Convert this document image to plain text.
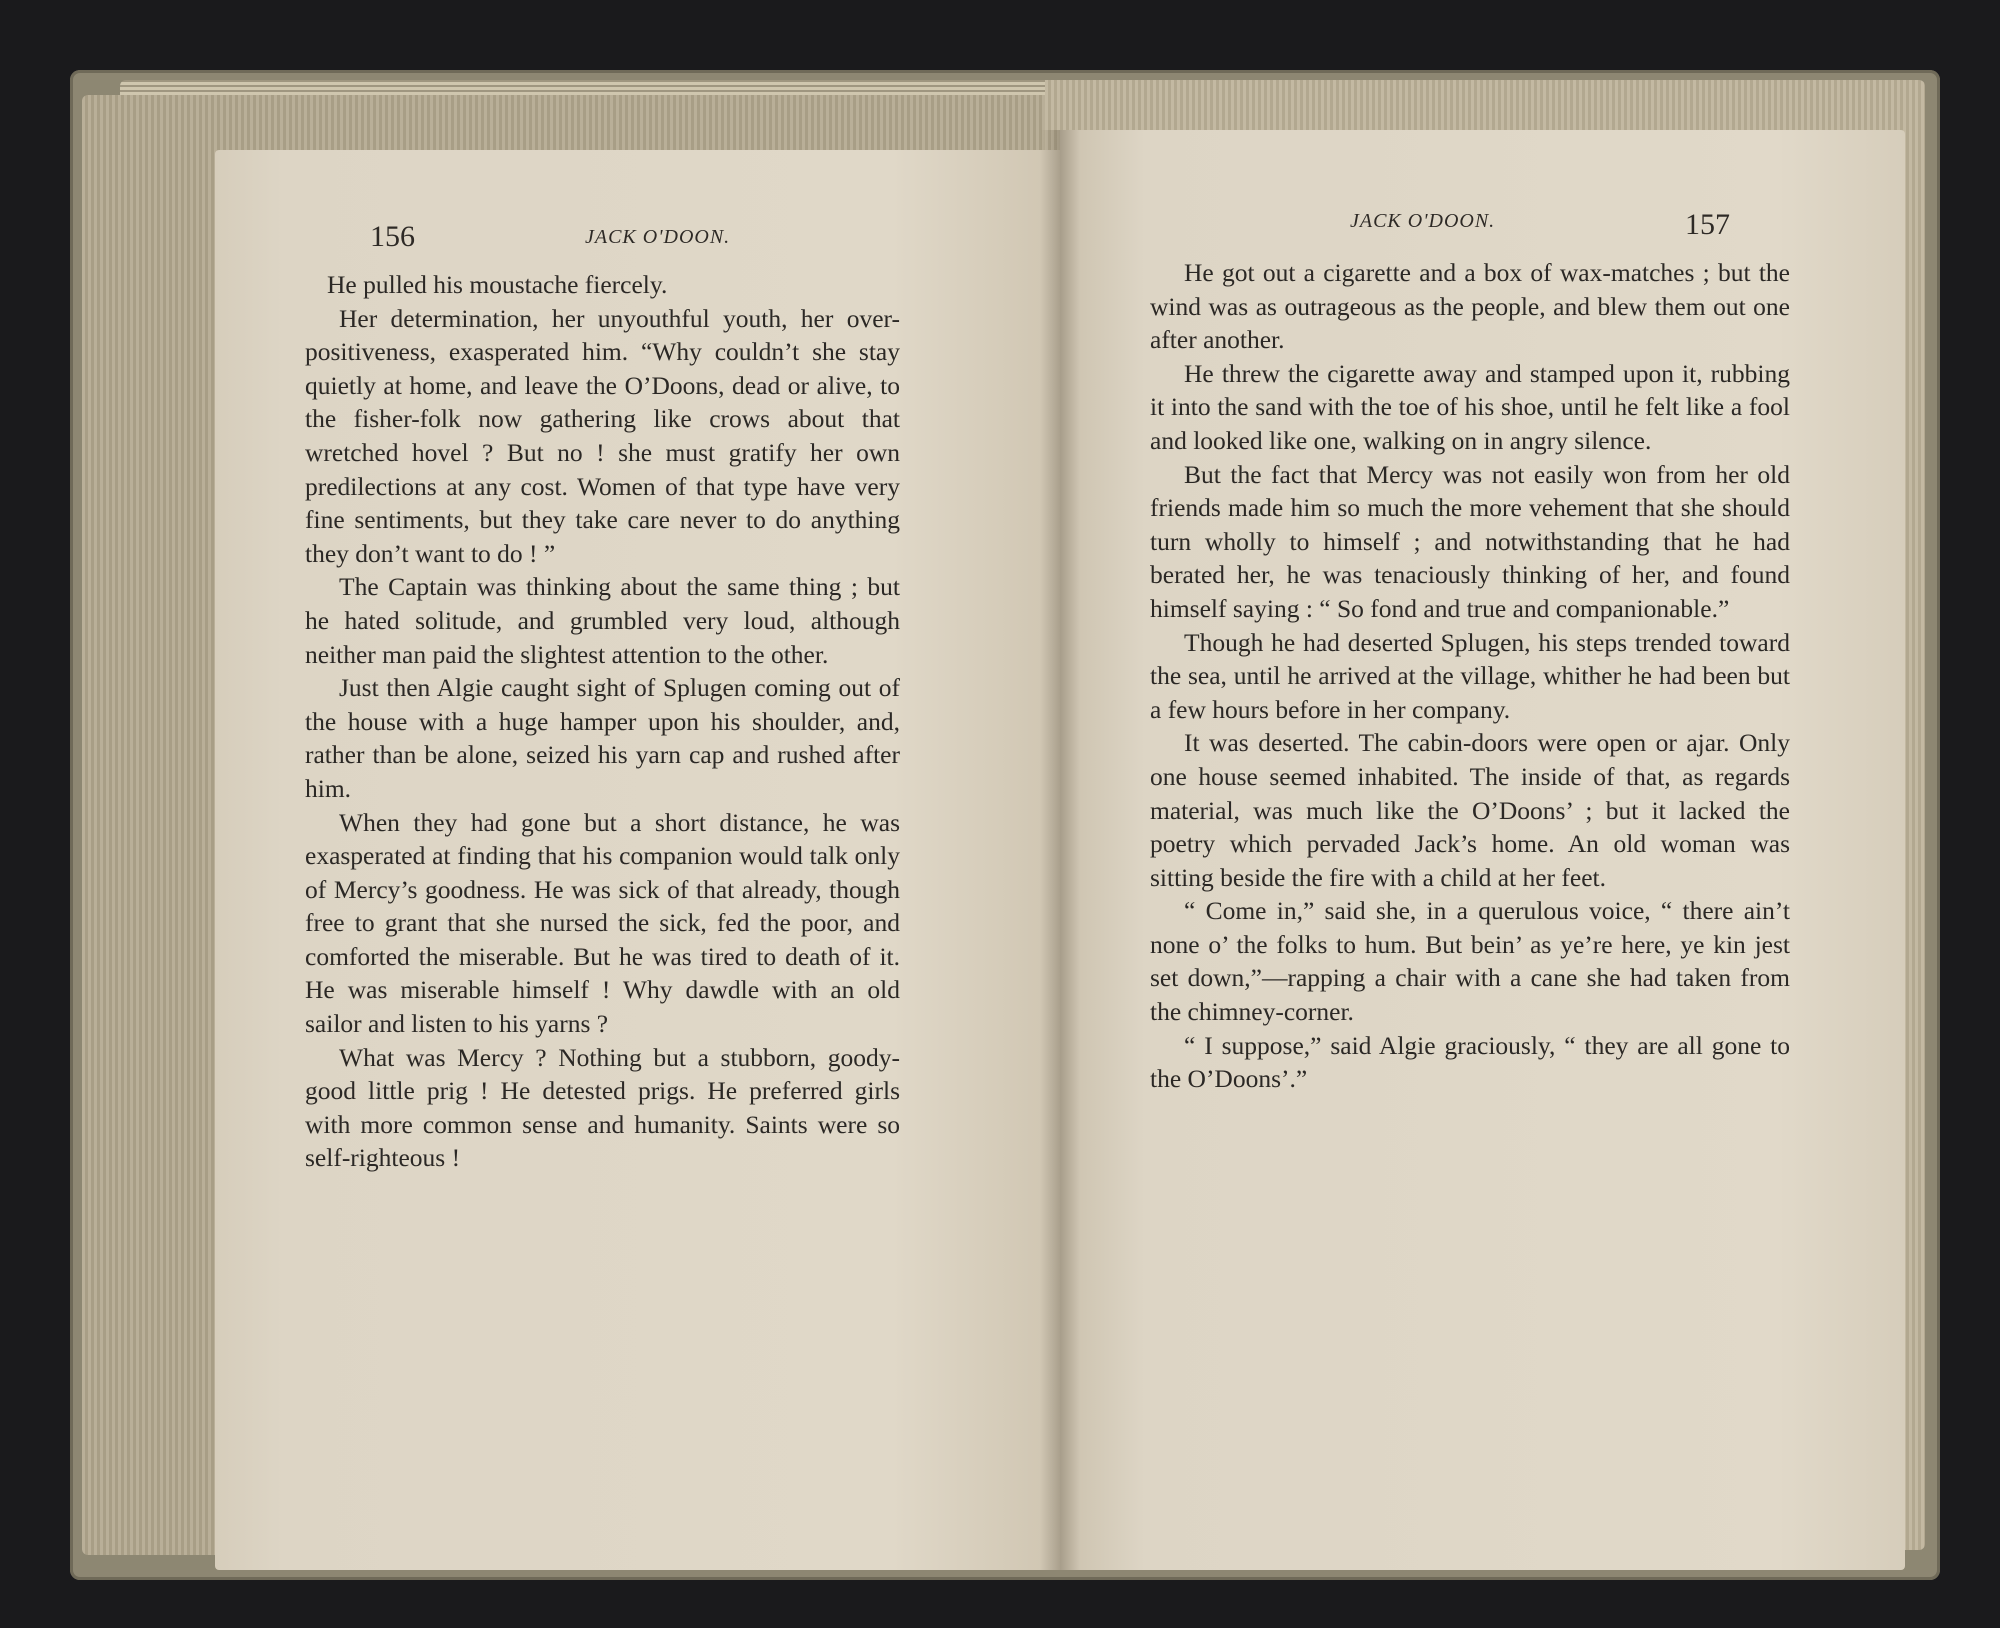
156	JACK O'DOON.

He pulled his moustache fiercely.

Her determination, her unyouthful youth, her over-positiveness, exasperated him. “Why couldn’t she stay quietly at home, and leave the O’Doons, dead or alive, to the fisher-folk now gathering like crows about that wretched hovel ? But no ! she must gratify her own predilections at any cost. Women of that type have very fine sentiments, but they take care never to do anything they don’t want to do ! ”

The Captain was thinking about the same thing ; but he hated solitude, and grumbled very loud, although neither man paid the slightest attention to the other.

Just then Algie caught sight of Splugen coming out of the house with a huge hamper upon his shoulder, and, rather than be alone, seized his yarn cap and rushed after him.

When they had gone but a short distance, he was exasperated at finding that his companion would talk only of Mercy’s goodness. He was sick of that already, though free to grant that she nursed the sick, fed the poor, and comforted the miserable. But he was tired to death of it. He was miserable himself ! Why dawdle with an old sailor and listen to his yarns ?

What was Mercy ? Nothing but a stubborn, goody-good little prig ! He detested prigs. He preferred girls with more common sense and humanity. Saints were so self-righteous !

JACK O'DOON.	157

He got out a cigarette and a box of wax-matches ; but the wind was as outrageous as the people, and blew them out one after another.

He threw the cigarette away and stamped upon it, rubbing it into the sand with the toe of his shoe, until he felt like a fool and looked like one, walking on in angry silence.

But the fact that Mercy was not easily won from her old friends made him so much the more vehement that she should turn wholly to himself ; and notwithstanding that he had berated her, he was tenaciously thinking of her, and found himself saying : “ So fond and true and companionable.”

Though he had deserted Splugen, his steps trended toward the sea, until he arrived at the village, whither he had been but a few hours before in her company.

It was deserted. The cabin-doors were open or ajar. Only one house seemed inhabited. The inside of that, as regards material, was much like the O’Doons’ ; but it lacked the poetry which pervaded Jack’s home. An old woman was sitting beside the fire with a child at her feet.

“ Come in,” said she, in a querulous voice, “ there ain’t none o’ the folks to hum. But bein’ as ye’re here, ye kin jest set down,”—rapping a chair with a cane she had taken from the chimney-corner.

“ I suppose,” said Algie graciously, “ they are all gone to the O’Doons’.”
